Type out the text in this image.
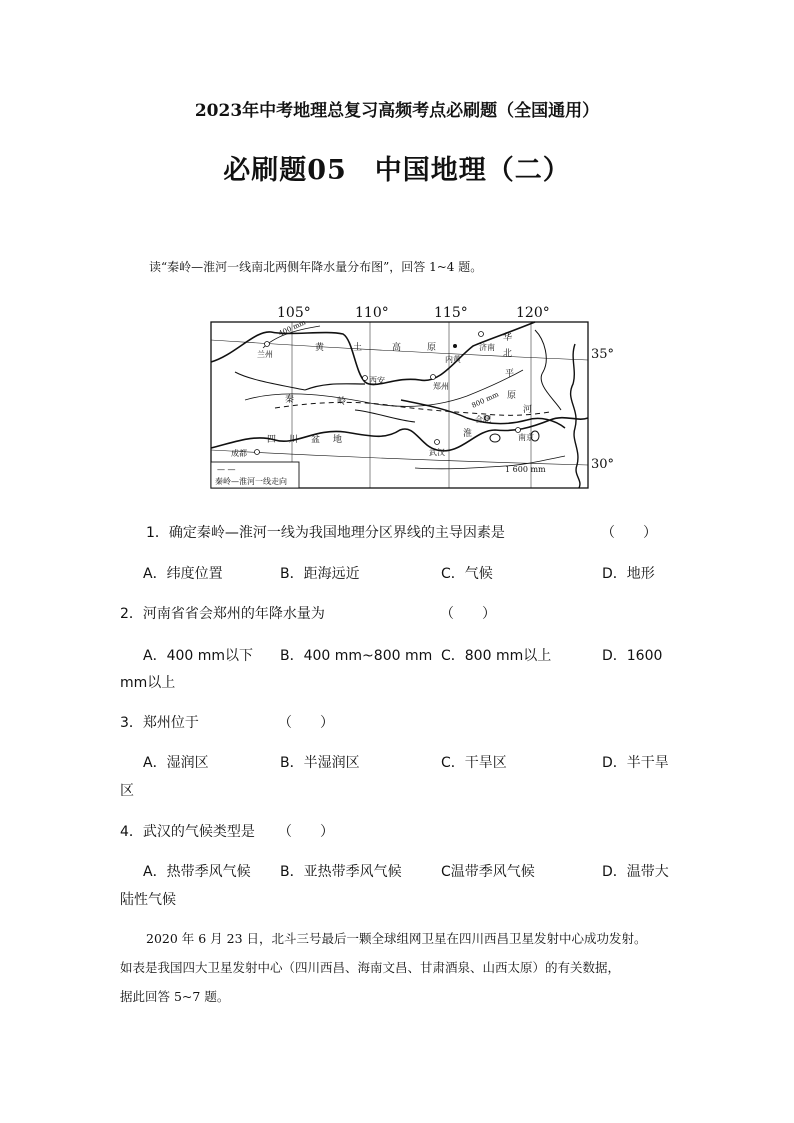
2023年中考地理总复习高频考点必刷题（全国通用）
必刷题05　中国地理（二）
读“秦岭—淮河一线南北两侧年降水量分布图”，回答 1~4 题。
105°	110°	115°	120°
35°
30°
400 mm
800 mm
1 600 mm
黄	土	高	原
华
北
平
原
秦	岭
四 川 盆 地
淮
河
兰州
西安
郑州
济南
内黄
合肥
南京
武汉
成都
— —
秦岭—淮河一线走向
1．确定秦岭—淮河一线为我国地理分区界线的主导因素是	（　　）
A．纬度位置	B．距海远近	C．气候	D．地形
2．河南省省会郑州的年降水量为	（　　）
A．400 mm以下 B．400 mm~800 mm C．800 mm以上	D．1600
mm以上
3．郑州位于	（　　）
A．湿润区	B．半湿润区	C．干旱区	D．半干旱
区
4．武汉的气候类型是 （　　）
A．热带季风气候 B．亚热带季风气候	C温带季风气候	D．温带大
陆性气候
2020 年 6 月 23 日，北斗三号最后一颗全球组网卫星在四川西昌卫星发射中心成功发射。
如表是我国四大卫星发射中心（四川西昌、海南文昌、甘肃酒泉、山西太原）的有关数据，
据此回答 5~7 题。
